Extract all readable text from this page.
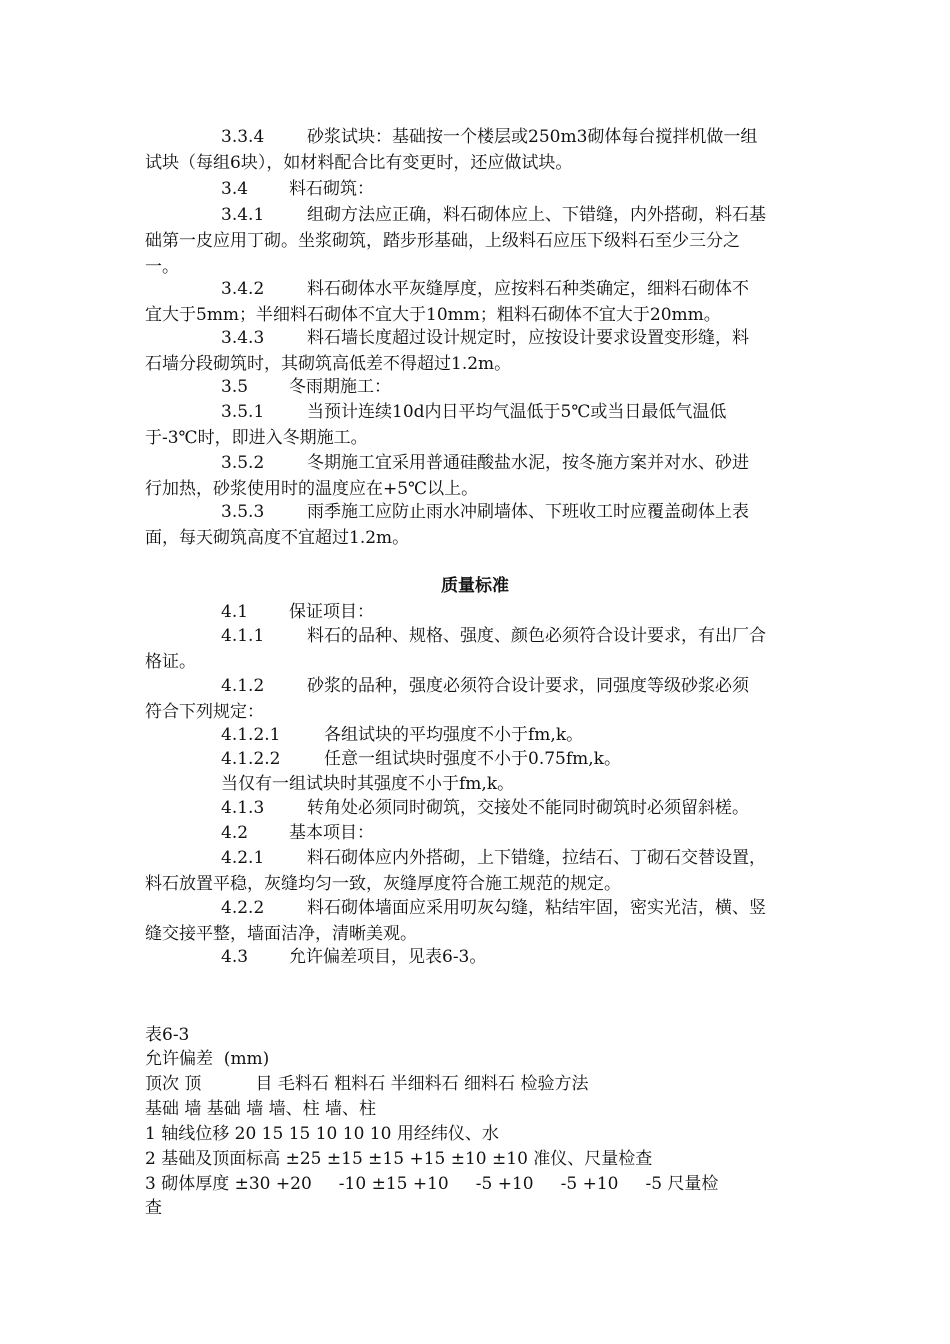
3.3.4	砂浆试块：基础按一个楼层或250m3砌体每台搅拌机做一组
试块（每组6块），如材料配合比有变更时，还应做试块。
3.4 料石砌筑：
3.4.1	组砌方法应正确，料石砌体应上、下错缝，内外搭砌，料石基
础第一皮应用丁砌。坐浆砌筑，踏步形基础，上级料石应压下级料石至少三分之
一。
3.4.2	料石砌体水平灰缝厚度，应按料石种类确定，细料石砌体不
宜大于5mm；半细料石砌体不宜大于10mm；粗料石砌体不宜大于20mm。
3.4.3	料石墙长度超过设计规定时，应按设计要求设置变形缝，料
石墙分段砌筑时，其砌筑高低差不得超过1.2m。
3.5 冬雨期施工：
3.5.1	当预计连续10d内日平均气温低于5℃或当日最低气温低
于-3℃时，即进入冬期施工。
3.5.2	冬期施工宜采用普通硅酸盐水泥，按冬施方案并对水、砂进
行加热，砂浆使用时的温度应在+5℃以上。
3.5.3	雨季施工应防止雨水冲刷墙体、下班收工时应覆盖砌体上表
面，每天砌筑高度不宜超过1.2m。
质量标准
4.1 保证项目：
4.1.1	料石的品种、规格、强度、颜色必须符合设计要求，有出厂合
格证。
4.1.2	砂浆的品种，强度必须符合设计要求，同强度等级砂浆必须
符合下列规定：
4.1.2.1	各组试块的平均强度不小于fm,k。
4.1.2.2	任意一组试块时强度不小于0.75fm,k。
当仅有一组试块时其强度不小于fm,k。
4.1.3	转角处必须同时砌筑，交接处不能同时砌筑时必须留斜槎。
4.2 基本项目：
4.2.1	料石砌体应内外搭砌，上下错缝，拉结石、丁砌石交替设置，
料石放置平稳，灰缝均匀一致，灰缝厚度符合施工规范的规定。
4.2.2	料石砌体墙面应采用叨灰勾缝，粘结牢固，密实光洁，横、竖
缝交接平整，墙面洁净，清晰美观。
4.3 允许偏差项目，见表6-3。
表6-3
允许偏差  (mm)
顶次 顶          目 毛料石 粗料石 半细料石 细料石 检验方法
基础 墙 基础 墙 墙、柱 墙、柱
1 轴线位移 20 15 15 10 10 10 用经纬仪、水
2 基础及顶面标高 ±25 ±15 ±15 +15 ±10 ±10 准仪、尺量检查
3 砌体厚度 ±30 +20     -10 ±15 +10     -5 +10     -5 +10     -5 尺量检
查
